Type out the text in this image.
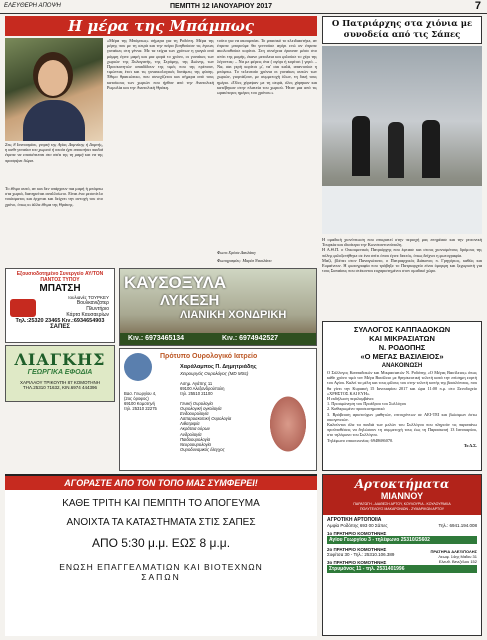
ΕΛΕΥΘΕΡΗ ΑΠΟΨΗ	ΠΕΜΠΤΗ 12 ΙΑΝΟΥΑΡΙΟΥ 2017	7
Η μέρα της Μπάμπως
Στις 8 Ιανουαρίου, γιορτή της Αγίας Δομνίκης ή Δομνής, η καθε γυναίκα του χωριού ή οποία έχει αποκτήσει παιδιά έτρεπε να επισκέπτεται στο σπίτι της τη μαμή και να της προσφέρει δώρα.
«Μέρα της Μπάμπως» σήμερα για τη Ροδόπη. Μέρα της μέρης που με τη σειρά και την πείρα βοηθούσαν τις έγκυες γυναίκες στη γέννα. Με τα τείχια των χρόνων η γιαγιά από μάμμη έγινε μαμή και μια φορά το χρόνο, οι γυναίκες των χωριών της Ξυλαγανής, της Στρύμης, της Διώνης, των Προσκυνητών απαιδίδουν της τιμές που της πρέπουν, τιμώντας έτσι και τις γυναικολογικές δυνάμεις της φύσης. Έθιμο θρακιώτικο, που συνεχίζεται και σήμερα από τους κατοίκους των χωριών που ήρθαν από την Ανατολική Ρωμυλία και την Ανατολική Θράκη.
Το έθιμο αυτό, αν και δεν υπάρχουν πια μαμή ή μπάμπω στα χωριά, διατηρείται αναλλοίωτο. Είναι ένα μεσοτίτλο νοιάσματος και έρχεται και δείχνει την αντοχή του στο χρόνο, όπως κι άλλα έθιμα της Θράκης.
τούτο για να ακουμπάει. Το μπασικό το κλειδιαστήκε, αν έπρεπε μπορούμε θα γεννούσε αγόρι ενώ αν έπρεπε ακολουθούσε κορίτσι. Στη συνέχεια έραιναν μέσα στο σπίτι της μαμής, έκανε μεταλεια και φιλούσε το χέρι της λέγοντας: – Να με φέρεις όνα ( αγόρι ή κορίτσι ) γερό. – Να, σαι γερή κορίτσι μ', να' σαι καλά, απαντούσε η μπάμπω. Το τελευταίο χρόνια οι γυναίκες αυτών των χωριών, γιορτάζουν, με συμμετοχή όλων, τη δική τους ημέρα. «Όλες χόρεψαν με τη σειρά, όλες χάρηκαν και κατέβηκαν στην πλατεία του χωριού. Ήταν μια από τις ωραιότερες ημέρες του χρόνου.»
Φωτο:Χρύσα Δαυλάκη
Φωτογραφίες: Μαρία Νικολάου
Εξουσιοδοτημένο Συνεργείο AY/TON
ΠΑΝΤΟΣ ΤΥΠΟΥ
ΜΠΑΤΣΗ
Ιουλιανές ΤΟΥΡΚΕΥ
Βουλκανιζατερ
Πλυντήριο
Κάρτα Καυσαερίων
Τηλ.:25320 23465 Κιν.:6934654903
ΣΑΠΕΣ
ΛΙΑΓΚΗΣ
ΓΕΩΡΓΙΚΑ ΕΦΟΔΙΑ
ΧΑΡΙΛΑΟΥ ΤΡΙΚΟΥΠΗ 87 ΚΟΜΟΤΗΝΗ
ΤΗΛ.25310 71632, ΚΙΝ.6974 444396
ΚΑΥΣΟΞΥΛΑ
ΛΥΚΕΣΗ
ΛΙΑΝΙΚΗ ΧΟΝΔΡΙΚΗ
Κιν.: 6973465134	Κιν.: 6974942527
Πρότυπο Ουρολογικό Ιατρείο
Χαράλαμπος Π. Δημητριάδης
Χειρουργός Ουρολόγος (MD MSc)
Βασ. Γεωργίου 4,
(2ος όροφος)
69100 Κομοτηνή
τηλ. 25310 22275
Ασημ. Αγάπης 11
69100 Αλεξανδρούπολη
τηλ. 25510 21100
Γενική Ουρολογία
Ουρολογική ογκολογία
Ενδοουρολογία
Λαπαροσκοπική Ουρολογία
Λιθοτριψία
Ακράτεια ούρων
Ανδρολογία
Παιδοουρολογία
Νευροουρολογία
Ουροδυναμικός έλεγχος
Ο Πατριάρχης στα χιόνια με συνοδεία από τις Σάπες
Η ομαδική χιονόπτωση που επικρατεί στην περιοχή μας επηρέασε και την γειτονική Τουρκία και ιδιαίτερα την Κωνσταντινούπολη.
Η Α.Θ.Π. ο Οικουμενικός Πατριάρχης που έφτασε και στους χιονισμένους δρόμους της πόλης φιλοξενήθηκε σε ένα σπίτι όπου έγινε δεκτός, όπως δείχνει η φωτογραφία.
Μαζί, βλέπει στον Παναγιώτατο, ο Πατριαρχικός Διάκονος π. Γρηγόριος, καθώς και Ευμαίνουν. Η φωτογραφία που τράβηξε το Πατριαρχείο είναι όμορφη και ξεχωριστή για τους Σαπαίους που στέκονται ευχαριστημένοι στον ομαδικό χώρο.
ΣΥΛΛΟΓΟΣ ΚΑΠΠΑΔΟΚΩΝ
ΚΑΙ ΜΙΚΡΑΣΙΑΤΩΝ
Ν. ΡΟΔΟΠΗΣ
«Ο ΜΕΓΑΣ ΒΑΣΙΛΕΙΟΣ»
ΑΝΑΚΟΙΝΩΣΗ
Ο Σύλλογος Καππαδοκών και Μικρασιατών Ν. Ροδόπης «Ο Μέγας Βασίλειος» όπως κάθε χρόνο τιμά τον Μέγα Βασίλειο με θρησκευτική τελετή κατά την επίσημη εορτή του Αγίου. Καλεί τα μέλη και τους φίλους του στην τελετή κοπής της βασιλόπιτας, που θα γίνει την Κυριακή 15 Ιανουαρίου 2017 και ώρα 11:00 π.μ. στο Ξενοδοχείο «ΧΡΗΣΤΟΣ ΚΑΙ ΕΥΗ».
Η εκδήλωση περιλαμβάνει:
1. Προσφώνηση του Προέδρου του Συλλόγου
2. Καθιερωμένο προσκυνηματικό
3. Βράβευση αριστούχων μαθητών, επιτυχόντων σε ΑΕΙ-ΤΕΙ και βιώσιμων έστω οικογενειών.
Καλούνται όλα τα παιδιά των μελών του Συλλόγου που πληρούν τις παραπάνω προϋποθέσεις να δηλώσουν τη συμμετοχή τους έως τη Παρασκευή 13 Ιανουαρίου, στο τηλέφωνο του Συλλόγου.
Τηλέφωνο επικοινωνίας: 6948686070.
Το Δ.Σ.
ΑΓΟΡΑΣΤΕ ΑΠΟ ΤΟΝ ΤΟΠΟ ΜΑΣ ΣΥΜΦΕΡΕΙ!
ΚΑΘΕ ΤΡΙΤΗ ΚΑΙ ΠΕΜΠΤΗ ΤΟ ΑΠΟΓΕΥΜΑ
ΑΝΟΙΧΤΑ ΤΑ ΚΑΤΑΣΤΗΜΑΤΑ ΣΤΙΣ ΣΑΠΕΣ
ΑΠΟ 5:30 μ.μ. ΕΩΣ 8 μ.μ.
ΕΝΩΣΗ ΕΠΑΓΓΕΛΜΑΤΙΩΝ ΚΑΙ ΒΙΟΤΕΧΝΩΝ
ΣΑΠΩΝ
Αρτοκτήματα
ΜΙΑΝΝΟΥ
ΠΑΡΑΓΩΓΗ - ΔΙΑΘΕΣΗ ΑΡΤΟΥ, ΚΟΥΛΟΥΡΙΑ - ΚΟΥΛΟΥΡΑΚΙΑ
ΠΟΛΥΤΕΛΟΥΣ ΜΑΚΑΡΟΝΙΩΝ - ΖΥΜΑΡΙΚΩΝ ΑΡΤΟΥ
ΑΓΡΟΤΙΚΗ ΑΡΤΟΠΟΙΙΑ
Αμφία Ροδόπης 693 00 Σάπες	Τηλ.: 6941.194.008
1ο ΠΡΑΤΗΡΙΟ ΚΟΜΟΤΗΝΗΣ
Αγίου Γεωργίου 3 - τηλέφωνο 25310/25602
2ο ΠΡΑΤΗΡΙΟ ΚΟΜΟΤΗΝΗΣ
Σοφίτσα 30 - Τηλ.: 25310.106.389
3ο ΠΡΑΤΗΡΙΟ ΚΟΜΟΤΗΝΗΣ
Στρυμόνος 11 - τηλ. 2531401996
ΠΡΑΤΗΡΙΑ ΑΛΕΞ/ΠΟΛΗΣ
Λεωφ. 14ης Μαΐου 31
Ελευθ. Βενιζέλου 152
